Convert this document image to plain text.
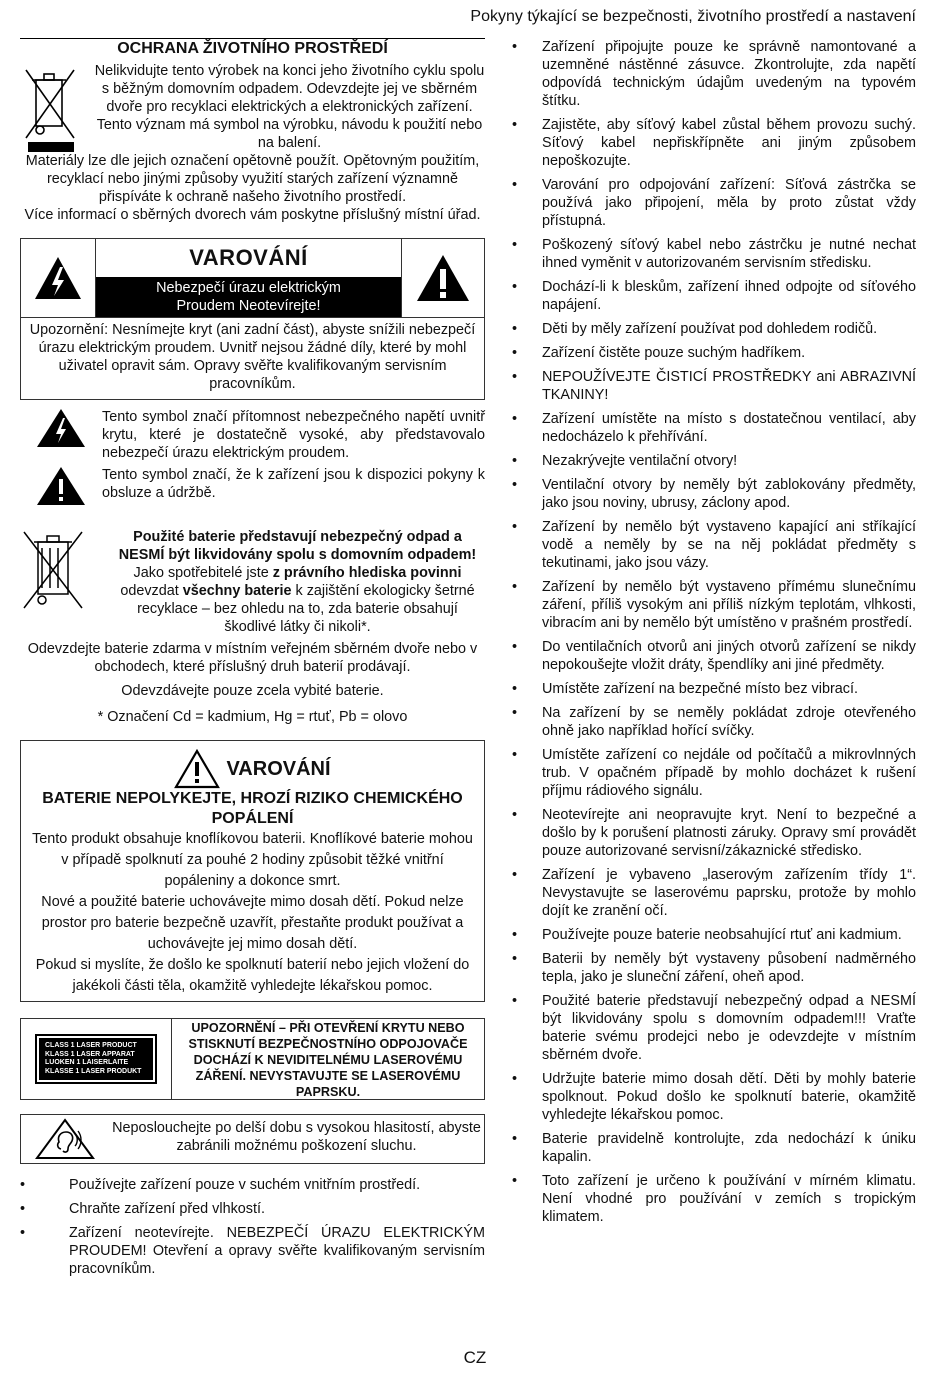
Pokyny týkající se bezpečnosti, životního prostředí a nastavení
OCHRANA ŽIVOTNÍHO PROSTŘEDÍ
Nelikvidujte tento výrobek na konci jeho životního cyklu spolu s běžným domovním odpadem. Odevzdejte jej ve sběrném dvoře pro recyklaci elektrických a elektronických zařízení. Tento význam má symbol na výrobku, návodu k použití nebo na balení.

Materiály lze dle jejich označení opětovně použít. Opětovným použitím, recyklací nebo jinými způsoby využití starých zařízení významně přispíváte k ochraně našeho životního prostředí.

Více informací o sběrných dvorech vám poskytne příslušný místní úřad.

VAROVÁNÍ
Nebezpečí úrazu elektrickým
Proudem Neotevírejte!
Upozornění: Nesnímejte kryt (ani zadní část), abyste snížili nebezpečí úrazu elektrickým proudem. Uvnitř nejsou žádné díly, které by mohl uživatel opravit sám. Opravy svěřte kvalifikovaným servisním pracovníkům.
Tento symbol značí přítomnost nebezpečného napětí uvnitř krytu, které je dostatečně vysoké, aby představovalo nebezpečí úrazu elektrickým proudem.
Tento symbol značí, že k zařízení jsou k dispozici pokyny k obsluze a údržbě.
Použité baterie představují nebezpečný odpad a NESMÍ být likvidovány spolu s domovním odpadem! Jako spotřebitelé jste z právního hlediska povinni odevzdat všechny baterie k zajištění ekologicky šetrné recyklace – bez ohledu na to, zda baterie obsahují škodlivé látky či nikoli*.

Odevzdejte baterie zdarma v místním veřejném sběrném dvoře nebo v obchodech, které příslušný druh baterií prodávají.

Odevzdávejte pouze zcela vybité baterie.

* Označení Cd = kadmium, Hg = rtuť, Pb = olovo

VAROVÁNÍ
BATERIE NEPOLYKEJTE, HROZÍ RIZIKO CHEMICKÉHO POPÁLENÍ

Tento produkt obsahuje knoflíkovou baterii. Knoflíkové baterie mohou v případě spolknutí za pouhé 2 hodiny způsobit těžké vnitřní popáleniny a dokonce smrt.

Nové a použité baterie uchovávejte mimo dosah dětí. Pokud nelze prostor pro baterie bezpečně uzavřít, přestaňte produkt používat a uchovávejte jej mimo dosah dětí.

Pokud si myslíte, že došlo ke spolknutí baterií nebo jejich vložení do jakékoli části těla, okamžitě vyhledejte lékařskou pomoc.

CLASS 1 LASER PRODUCT
KLASS 1 LASER APPARAT
LUOKEN 1 LAISERLAITE
KLASSE 1 LASER PRODUKT
UPOZORNĚNÍ – PŘI OTEVŘENÍ KRYTU NEBO STISKNUTÍ BEZPEČNOSTNÍHO ODPOJOVAČE DOCHÁZÍ K NEVIDITELNÉMU LASEROVÉMU ZÁŘENÍ. NEVYSTAVUJTE SE LASEROVÉMU PAPRSKU.
Neposlouchejte po delší dobu s vysokou hlasitostí, abyste zabránili možnému poškození sluchu.
• Používejte zařízení pouze v suchém vnitřním prostředí.
• Chraňte zařízení před vlhkostí.
• Zařízení neotevírejte. NEBEZPEČÍ ÚRAZU ELEKTRICKÝM PROUDEM! Otevření a opravy svěřte kvalifikovaným servisním pracovníkům.
• Zařízení připojujte pouze ke správně namontované a uzemněné nástěnné zásuvce. Zkontrolujte, zda napětí odpovídá technickým údajům uvedeným na typovém štítku.
• Zajistěte, aby síťový kabel zůstal během provozu suchý. Síťový kabel nepřiskřípněte ani jiným způsobem nepoškozujte.
• Varování pro odpojování zařízení: Síťová zástrčka se používá jako připojení, měla by proto zůstat vždy přístupná.
• Poškozený síťový kabel nebo zástrčku je nutné nechat ihned vyměnit v autorizovaném servisním středisku.
• Dochází-li k bleskům, zařízení ihned odpojte od síťového napájení.
• Děti by měly zařízení používat pod dohledem rodičů.
• Zařízení čistěte pouze suchým hadříkem.
• NEPOUŽÍVEJTE ČISTICÍ PROSTŘEDKY ani ABRAZIVNÍ TKANINY!
• Zařízení umístěte na místo s dostatečnou ventilací, aby nedocházelo k přehřívání.
• Nezakrývejte ventilační otvory!
• Ventilační otvory by neměly být zablokovány předměty, jako jsou noviny, ubrusy, záclony apod.
• Zařízení by nemělo být vystaveno kapající ani stříkající vodě a neměly by se na něj pokládat předměty s tekutinami, jako jsou vázy.
• Zařízení by nemělo být vystaveno přímému slunečnímu záření, příliš vysokým ani příliš nízkým teplotám, vlhkosti, vibracím ani by nemělo být umístěno v prašném prostředí.
• Do ventilačních otvorů ani jiných otvorů zařízení se nikdy nepokoušejte vložit dráty, špendlíky ani jiné předměty.
• Umístěte zařízení na bezpečné místo bez vibrací.
• Na zařízení by se neměly pokládat zdroje otevřeného ohně jako například hořící svíčky.
• Umístěte zařízení co nejdále od počítačů a mikrovlnných trub. V opačném případě by mohlo docházet k rušení příjmu rádiového signálu.
• Neotevírejte ani neopravujte kryt. Není to bezpečné a došlo by k porušení platnosti záruky. Opravy smí provádět pouze autorizované servisní/zákaznické středisko.
• Zařízení je vybaveno „laserovým zařízením třídy 1“. Nevystavujte se laserovému paprsku, protože by mohlo dojít ke zranění očí.
• Používejte pouze baterie neobsahující rtuť ani kadmium.
• Baterii by neměly být vystaveny působení nadměrného tepla, jako je sluneční záření, oheň apod.
• Použité baterie představují nebezpečný odpad a NESMÍ být likvidovány spolu s domovním odpadem!!! Vraťte baterie svému prodejci nebo je odevzdejte v místním sběrném dvoře.
• Udržujte baterie mimo dosah dětí. Děti by mohly baterie spolknout. Pokud došlo ke spolknutí baterie, okamžitě vyhledejte lékařskou pomoc.
• Baterie pravidelně kontrolujte, zda nedochází k úniku kapalin.
• Toto zařízení je určeno k používání v mírném klimatu. Není vhodné pro používání v zemích s tropickým klimatem.
CZ
